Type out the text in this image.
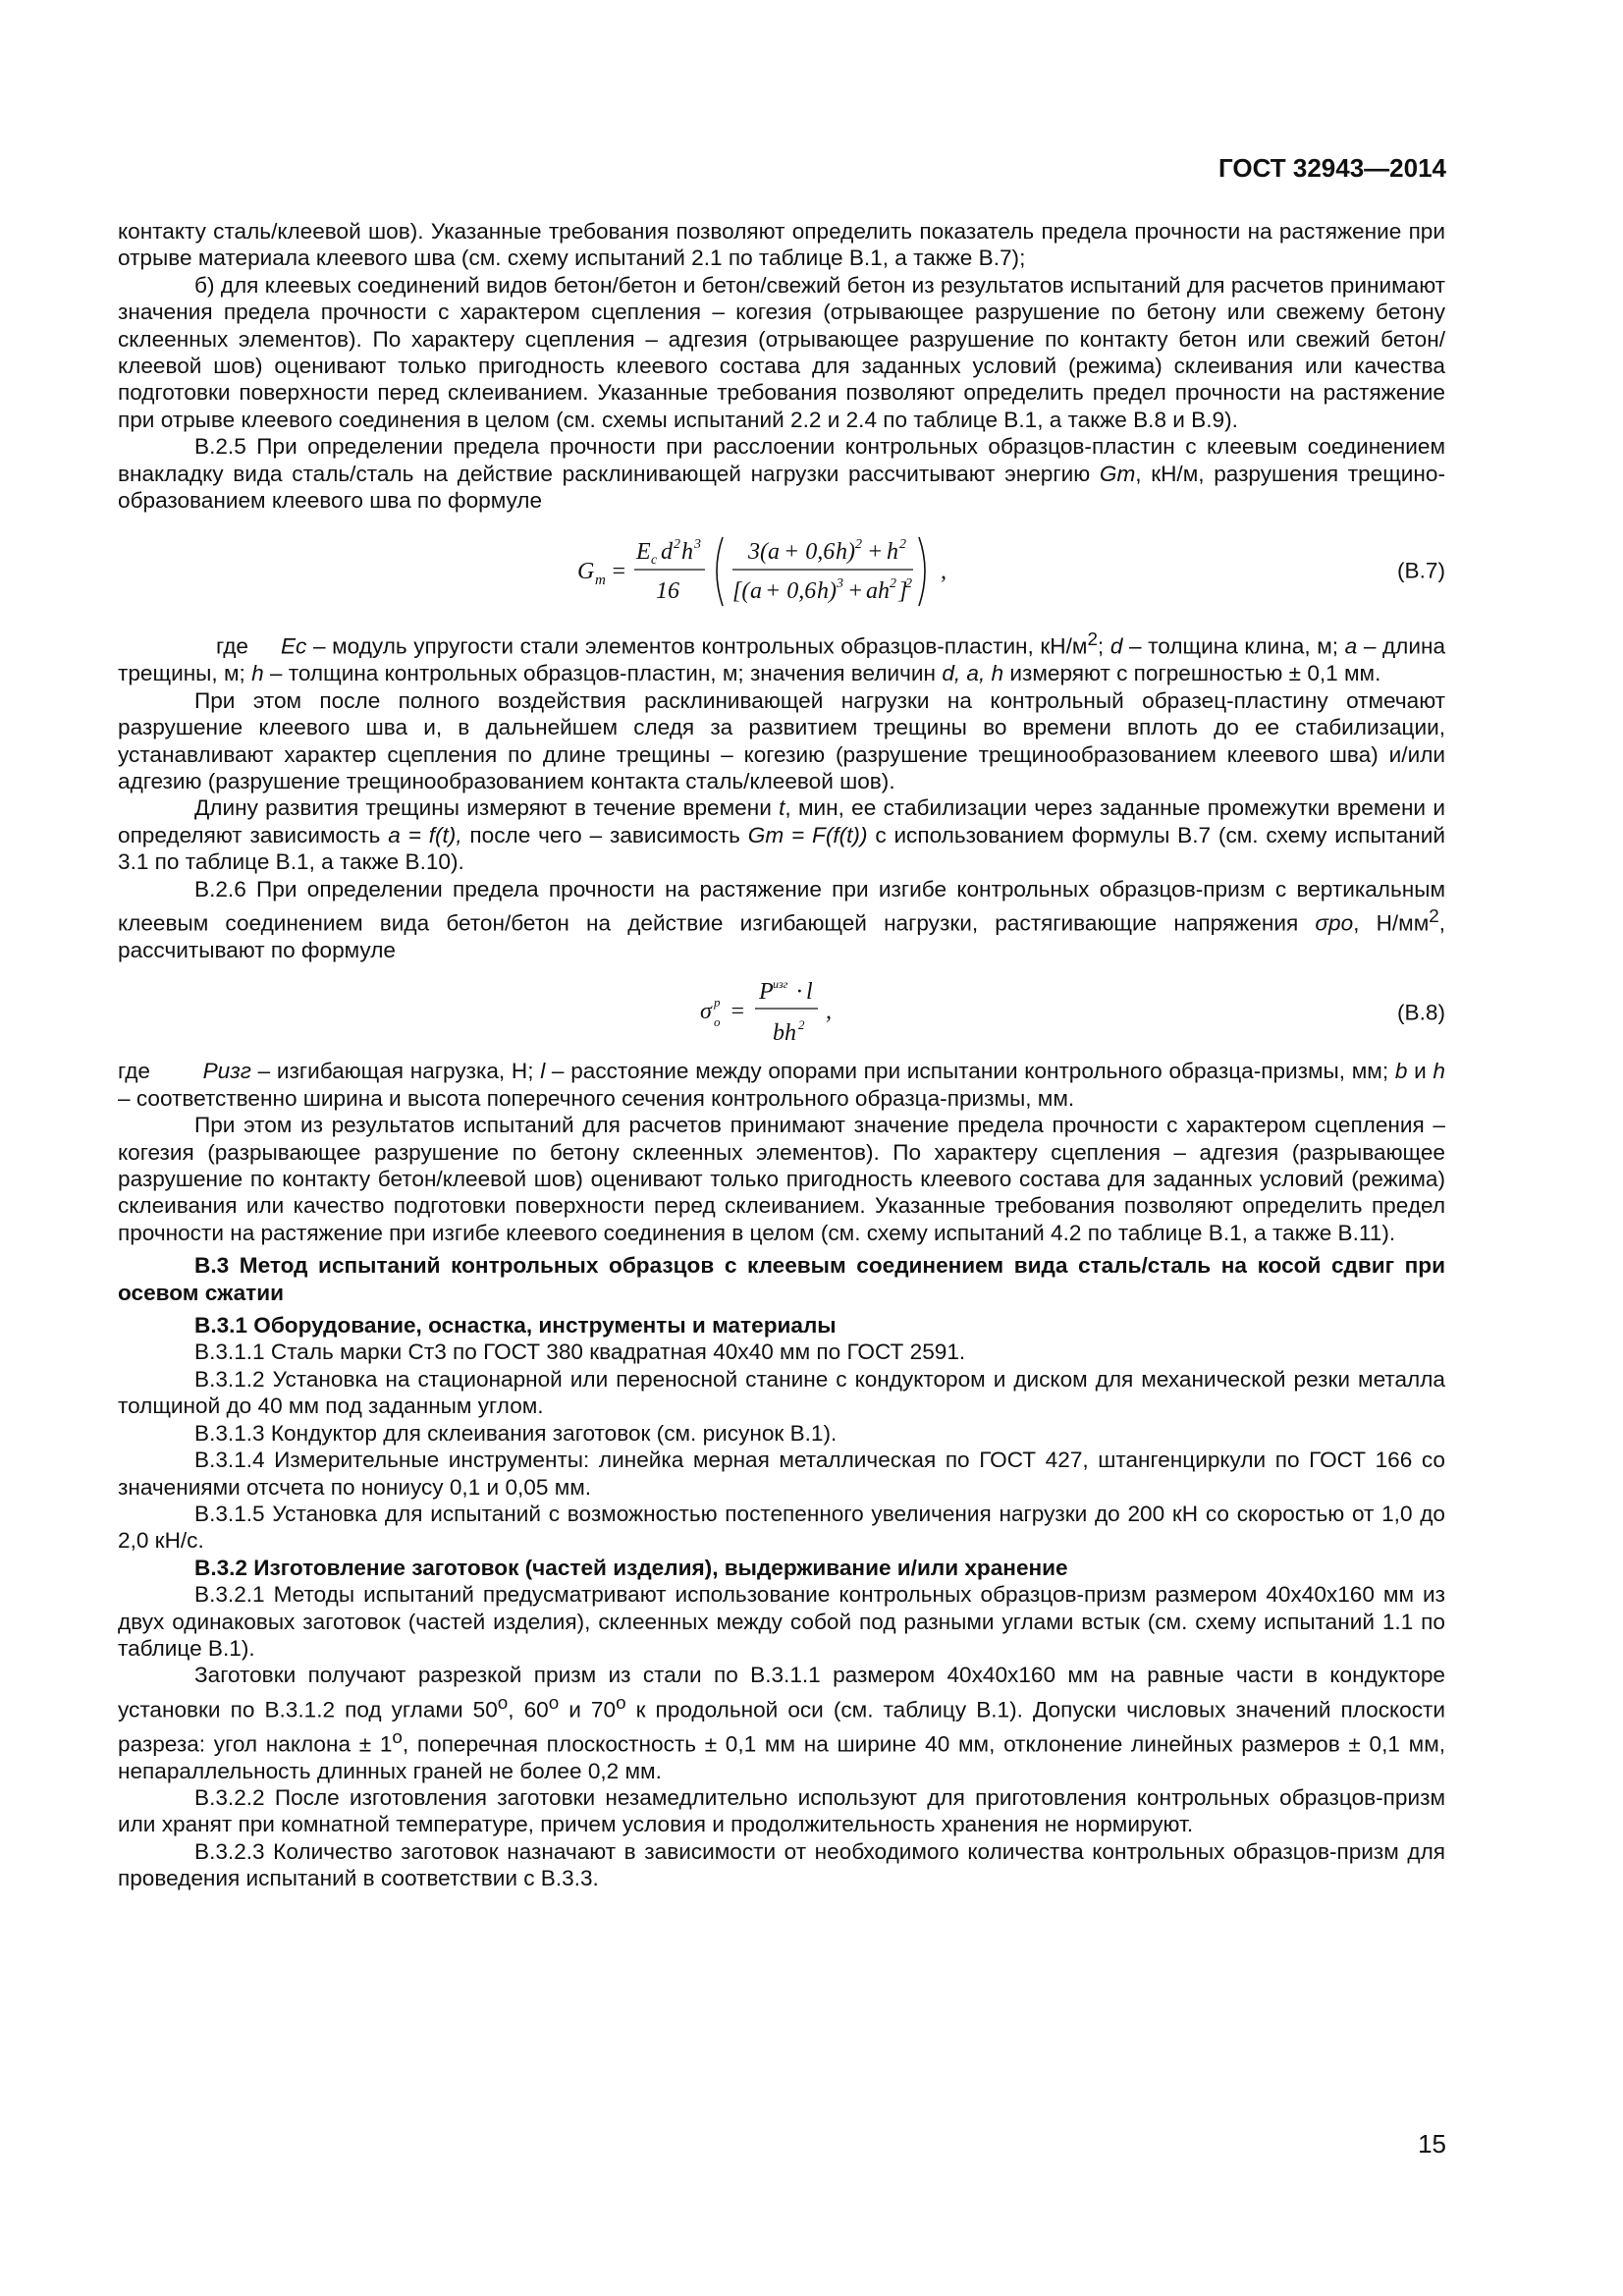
ГОСТ 32943—2014

контакту сталь/клеевой шов). Указанные требования позволяют определить показатель предела прочности на растяжение при отрыве материала клеевого шва (см. схему испытаний 2.1 по таблице В.1, а также В.7);

б) для клеевых соединений видов бетон/бетон и бетон/свежий бетон из результатов испытаний для расчетов принимают значения предела прочности с характером сцепления – когезия (отрывающее разрушение по бетону или свежему бетону склеенных элементов). По характеру сцепления – адгезия (отрывающее разрушение по контакту бетон или свежий бетон/клеевой шов) оценивают только пригодность клеевого состава для заданных условий (режима) склеивания или качества подготовки поверхности перед склеиванием. Указанные требования позволяют определить предел прочности на растяжение при отрыве клеевого соединения в целом (см. схемы испытаний 2.2 и 2.4 по таблице В.1, а также В.8 и В.9).

В.2.5 При определении предела прочности при расслоении контрольных образцов-пластин с клеевым соединением внакладку вида сталь/сталь на действие расклинивающей нагрузки рассчитывают энергию Gт, кН/м, разрушения трещино- образованием клеевого шва по формуле

G т =
E с d 2 h 3
16
3( a + 0,6 h ) 2 + h 2
[( a + 0,6 h ) 3 + ah 2 ]
2 ,	(В.7)

где Eс – модуль упругости стали элементов контрольных образцов-пластин, $кН/м^2$; d – толщина клина, м; a – длина трещины, м; h – толщина контрольных образцов-пластин, м; значения величин d, a, h измеряют с погрешностью ± 0,1 мм.

При этом после полного воздействия расклинивающей нагрузки на контрольный образец-пластину отмечают разрушение клеевого шва и, в дальнейшем следя за развитием трещины во времени вплоть до ее стабилизации, устанавливают характер сцепления по длине трещины – когезию (разрушение трещинообразованием клеевого шва) и/или адгезию (разрушение трещинообразованием контакта сталь/клеевой шов).

Длину развития трещины измеряют в течение времени t, мин, ее стабилизации через заданные промежутки времени и определяют зависимость a = f(t), после чего – зависимость Gm = F(f(t)) с использованием формулы В.7 (см. схему испытаний 3.1 по таблице В.1, а также В.10).

В.2.6 При определении предела прочности на растяжение при изгибе контрольных образцов-призм с вертикальным клеевым соединением вида бетон/бетон на действие изгибающей нагрузки, растягивающие напряжения σро, $Н/мм^2$, рассчитывают по формуле

σ р
о =
P изг · l
bh 2
,	(В.8)

где Pизг – изгибающая нагрузка, Н; l – расстояние между опорами при испытании контрольного образца-призмы, мм; b и h – соответственно ширина и высота поперечного сечения контрольного образца-призмы, мм.

При этом из результатов испытаний для расчетов принимают значение предела прочности с характером сцепления – когезия (разрывающее разрушение по бетону склеенных элементов). По характеру сцепления – адгезия (разрывающее разрушение по контакту бетон/клеевой шов) оценивают только пригодность клеевого состава для заданных условий (режима) склеивания или качество подготовки поверхности перед склеиванием. Указанные требования позволяют определить предел прочности на растяжение при изгибе клеевого соединения в целом (см. схему испытаний 4.2 по таблице В.1, а также В.11).

В.3 Метод испытаний контрольных образцов с клеевым соединением вида сталь/сталь на косой сдвиг при осевом сжатии

В.3.1 Оборудование, оснастка, инструменты и материалы

В.3.1.1 Сталь марки Ст3 по ГОСТ 380 квадратная 40х40 мм по ГОСТ 2591.

В.3.1.2 Установка на стационарной или переносной станине с кондуктором и диском для механической резки металла толщиной до 40 мм под заданным углом.

В.3.1.3 Кондуктор для склеивания заготовок (см. рисунок В.1).

В.3.1.4 Измерительные инструменты: линейка мерная металлическая по ГОСТ 427, штангенциркули по ГОСТ 166 со значениями отсчета по нониусу 0,1 и 0,05 мм.

В.3.1.5 Установка для испытаний с возможностью постепенного увеличения нагрузки до 200 кН со скоростью от 1,0 до 2,0 кН/с.

В.3.2 Изготовление заготовок (частей изделия), выдерживание и/или хранение

В.3.2.1 Методы испытаний предусматривают использование контрольных образцов-призм размером 40х40х160 мм из двух одинаковых заготовок (частей изделия), склеенных между собой под разными углами встык (см. схему испытаний 1.1 по таблице В.1).

Заготовки получают разрезкой призм из стали по В.3.1.1 размером 40х40х160 мм на равные части в кондукторе установки по В.3.1.2 под углами 50$^o$, 60$^o$ и 70$^o$ к продольной оси (см. таблицу В.1). Допуски числовых значений плоскости разреза: угол наклона ± $1^o$, поперечная плоскостность ± 0,1 мм на ширине 40 мм, отклонение линейных размеров ± 0,1 мм, непараллельность длинных граней не более 0,2 мм.

В.3.2.2 После изготовления заготовки незамедлительно используют для приготовления контрольных образцов-призм или хранят при комнатной температуре, причем условия и продолжительность хранения не нормируют.

В.3.2.3 Количество заготовок назначают в зависимости от необходимого количества контрольных образцов-призм для проведения испытаний в соответствии с В.3.3.

15
